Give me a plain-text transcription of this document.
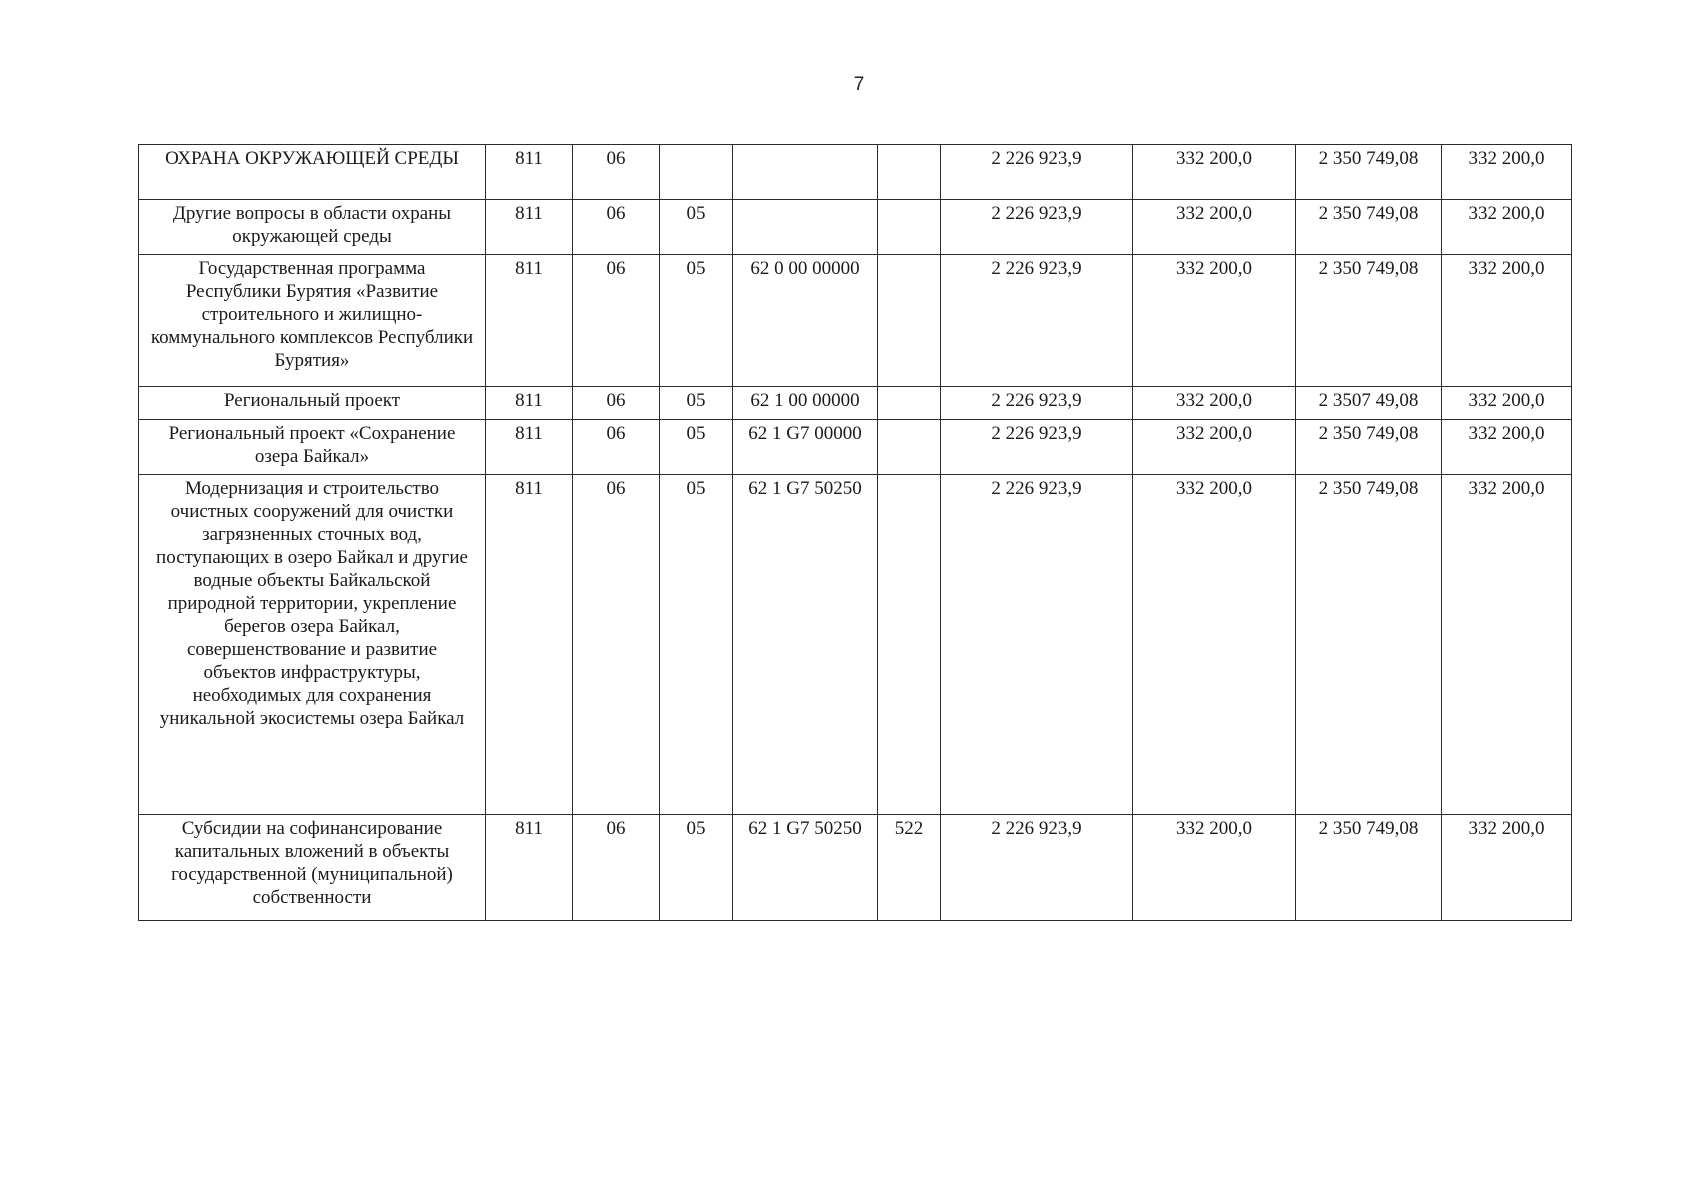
7
ОХРАНА ОКРУЖАЮЩЕЙ СРЕДЫ	811	06				2 226 923,9	332 200,0	2 350 749,08	332 200,0
Другие вопросы в области охраны окружающей среды	811	06	05			2 226 923,9	332 200,0	2 350 749,08	332 200,0
Государственная программа Республики Бурятия «Развитие строительного и жилищно-коммунального комплексов Республики Бурятия»	811	06	05	62 0 00 00000		2 226 923,9	332 200,0	2 350 749,08	332 200,0
Региональный проект	811	06	05	62 1 00 00000		2 226 923,9	332 200,0	2 3507 49,08	332 200,0
Региональный проект «Сохранение озера Байкал»	811	06	05	62 1 G7 00000		2 226 923,9	332 200,0	2 350 749,08	332 200,0
Модернизация и строительство очистных сооружений для очистки загрязненных сточных вод, поступающих в озеро Байкал и другие водные объекты Байкальской природной территории, укрепление берегов озера Байкал, совершенствование и развитие объектов инфраструктуры, необходимых для сохранения уникальной экосистемы озера Байкал	811	06	05	62 1 G7 50250		2 226 923,9	332 200,0	2 350 749,08	332 200,0
Субсидии на софинансирование капитальных вложений в объекты государственной (муниципальной) собственности	811	06	05	62 1 G7 50250	522	2 226 923,9	332 200,0	2 350 749,08	332 200,0
